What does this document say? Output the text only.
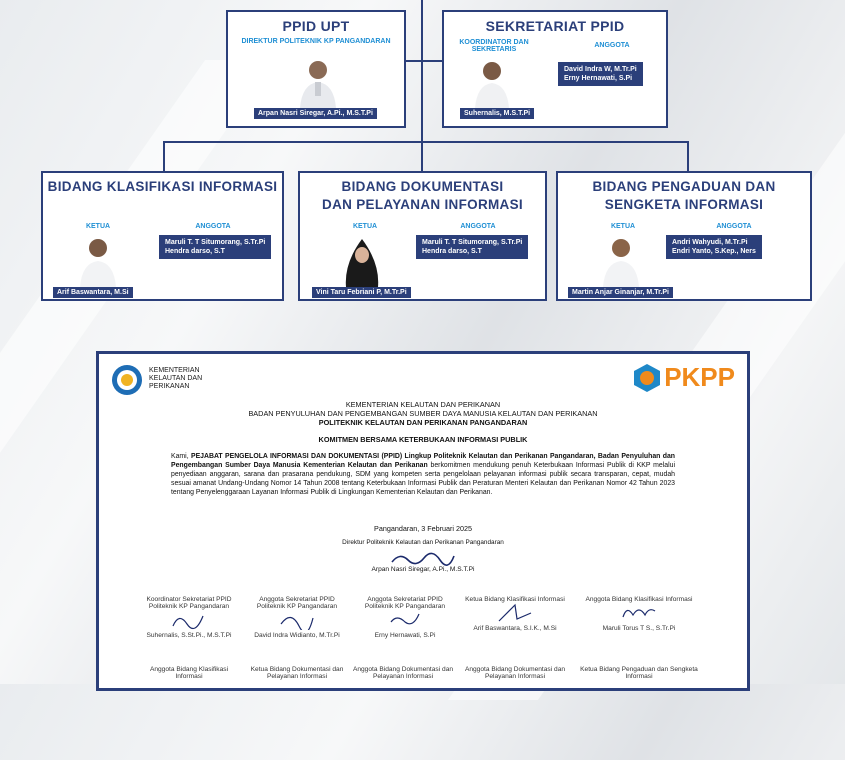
PPID UPT
DIREKTUR POLITEKNIK KP PANGANDARAN
Arpan Nasri Siregar, A.Pi., M.S.T.Pi
SEKRETARIAT PPID
KOORDINATOR DAN SEKRETARIS
ANGGOTA
David Indra W, M.Tr.Pi
Erny Hernawati, S.Pi
Suhernalis, M.S.T.Pi
BIDANG KLASIFIKASI INFORMASI
KETUA	ANGGOTA
Maruli T. T Situmorang, S.Tr.Pi
Hendra darso, S.T
Arif Baswantara, M.Si
BIDANG DOKUMENTASI
DAN PELAYANAN INFORMASI
KETUA	ANGGOTA
Maruli T. T Situmorang, S.Tr.Pi
Hendra darso, S.T
Vini Taru Febriani P, M.Tr.Pi
BIDANG PENGADUAN DAN
SENGKETA INFORMASI
KETUA	ANGGOTA
Andri Wahyudi, M.Tr.Pi
Endri Yanto, S.Kep., Ners
Martin Anjar Ginanjar, M.Tr.Pi
KEMENTERIAN
KELAUTAN DAN
PERIKANAN	PKPP

KEMENTERIAN KELAUTAN DAN PERIKANAN

BADAN PENYULUHAN DAN PENGEMBANGAN SUMBER DAYA MANUSIA KELAUTAN DAN PERIKANAN

POLITEKNIK KELAUTAN DAN PERIKANAN PANGANDARAN

KOMITMEN BERSAMA KETERBUKAAN INFORMASI PUBLIK

Kami, PEJABAT PENGELOLA INFORMASI DAN DOKUMENTASI (PPID) Lingkup Politeknik Kelautan dan Perikanan Pangandaran, Badan Penyuluhan dan Pengembangan Sumber Daya Manusia Kementerian Kelautan dan Perikanan berkomitmen mendukung penuh Keterbukaan Informasi Publik di KKP melalui penyediaan anggaran, sarana dan prasarana pendukung, SDM yang kompeten serta pengelolaan pelayanan informasi publik secara transparan, cepat, mudah sesuai amanat Undang-Undang Nomor 14 Tahun 2008 tentang Keterbukaan Informasi Publik dan Peraturan Menteri Kelautan dan Perikanan Nomor 42 Tahun 2023 tentang Penyelenggaraan Layanan Informasi Publik di Lingkungan Kementerian Kelautan dan Perikanan.

Pangandaran, 3 Februari 2025

Direktur Politeknik Kelautan dan Perikanan Pangandaran

Arpan Nasri Siregar, A.Pi., M.S.T.Pi

Koordinator Sekretariat PPID Politeknik KP Pangandaran
Suhernalis, S.St.Pi., M.S.T.Pi
Anggota Sekretariat PPID Politeknik KP Pangandaran
David Indra Widianto, M.Tr.Pi
Anggota Sekretariat PPID Politeknik KP Pangandaran
Erny Hernawati, S.Pi
Ketua Bidang Klasifikasi Informasi
Arif Baswantara, S.I.K., M.Si
Anggota Bidang Klasifikasi Informasi
Maruli Torus T S., S.Tr.Pi
Anggota Bidang Klasifikasi Informasi
Ketua Bidang Dokumentasi dan Pelayanan Informasi
Anggota Bidang Dokumentasi dan Pelayanan Informasi
Anggota Bidang Dokumentasi dan Pelayanan Informasi
Ketua Bidang Pengaduan dan Sengketa Informasi
